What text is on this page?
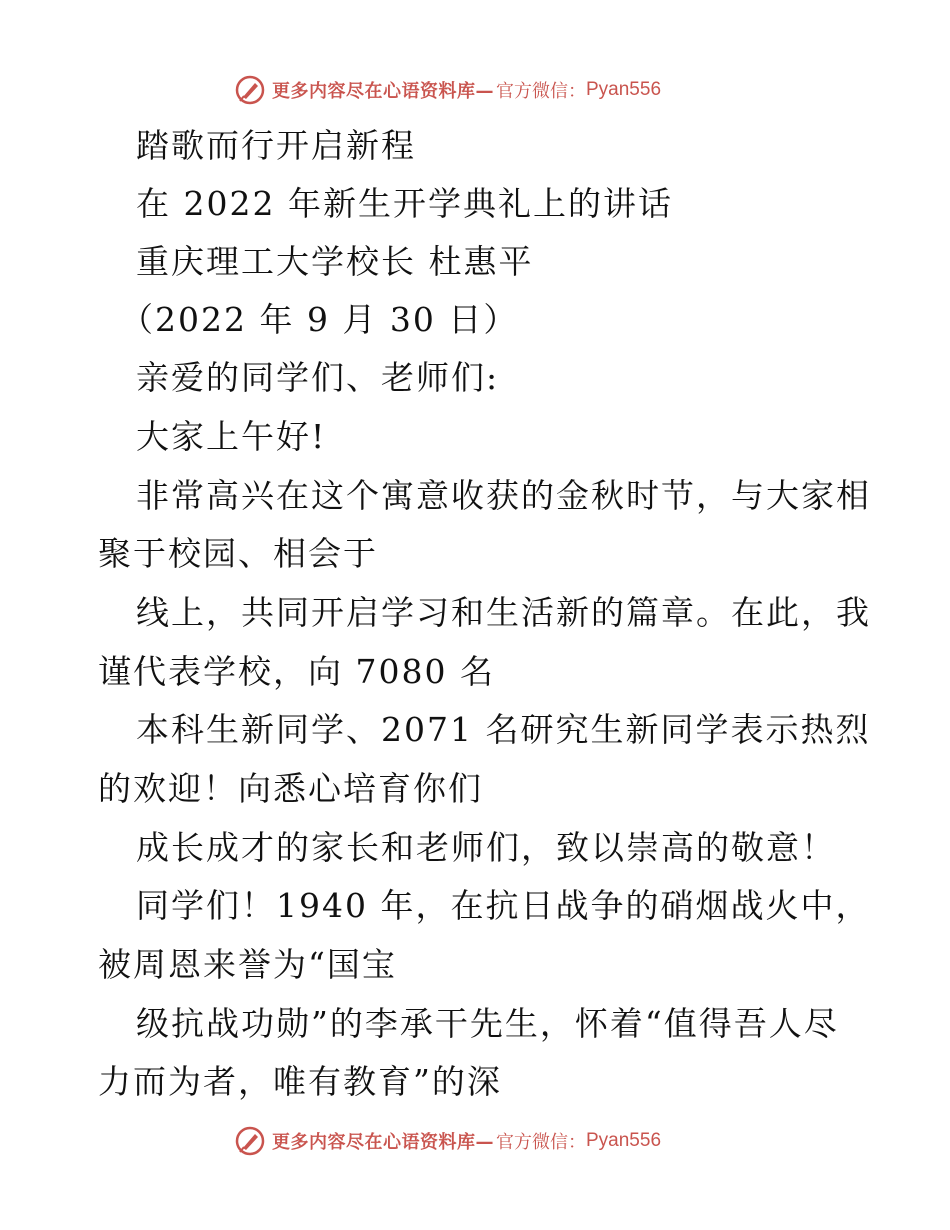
更多内容尽在心语资料库— 官方微信： Pyan556
踏歌而行开启新程
在 2022 年新生开学典礼上的讲话
重庆理工大学校长 杜惠平
（2022 年 9 月 30 日）
亲爱的同学们、老师们:
大家上午好!
非常高兴在这个寓意收获的金秋时节，与大家相
聚于校园、相会于
线上，共同开启学习和生活新的篇章。在此，我
谨代表学校，向 7080 名
本科生新同学、2071 名研究生新同学表示热烈
的欢迎！向悉心培育你们
成长成才的家长和老师们，致以崇高的敬意！
同学们！1940 年，在抗日战争的硝烟战火中，
被周恩来誉为“国宝
级抗战功勋”的李承干先生，怀着“值得吾人尽
力而为者，唯有教育”的深
更多内容尽在心语资料库— 官方微信： Pyan556
